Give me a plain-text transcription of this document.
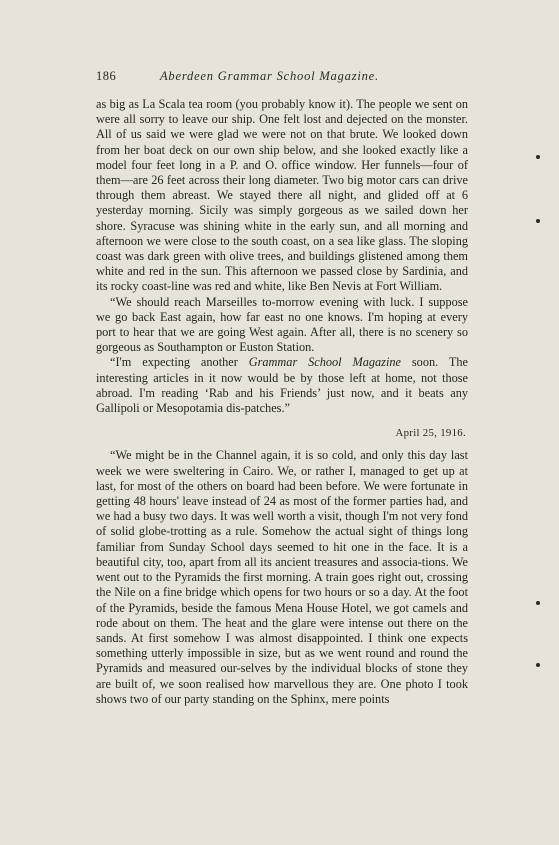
186	Aberdeen Grammar School Magazine.

as big as La Scala tea room (you probably know it). The people we sent on were all sorry to leave our ship. One felt lost and dejected on the monster. All of us said we were glad we were not on that brute. We looked down from her boat deck on our own ship below, and she looked exactly like a model four feet long in a P. and O. office window. Her funnels—four of them—are 26 feet across their long diameter. Two big motor cars can drive through them abreast. We stayed there all night, and glided off at 6 yesterday morning. Sicily was simply gorgeous as we sailed down her shore. Syracuse was shining white in the early sun, and all morning and afternoon we were close to the south coast, on a sea like glass. The sloping coast was dark green with olive trees, and buildings glistened among them white and red in the sun. This afternoon we passed close by Sardinia, and its rocky coast-line was red and white, like Ben Nevis at Fort William.

“We should reach Marseilles to-morrow evening with luck. I suppose we go back East again, how far east no one knows. I'm hoping at every port to hear that we are going West again. After all, there is no scenery so gorgeous as Southampton or Euston Station.

“I'm expecting another Grammar School Magazine soon. The interesting articles in it now would be by those left at home, not those abroad. I'm reading ‘Rab and his Friends’ just now, and it beats any Gallipoli or Mesopotamia dis-patches.”

April 25, 1916.

“We might be in the Channel again, it is so cold, and only this day last week we were sweltering in Cairo. We, or rather I, managed to get up at last, for most of the others on board had been before. We were fortunate in getting 48 hours' leave instead of 24 as most of the former parties had, and we had a busy two days. It was well worth a visit, though I'm not very fond of solid globe-trotting as a rule. Somehow the actual sight of things long familiar from Sunday School days seemed to hit one in the face. It is a beautiful city, too, apart from all its ancient treasures and associa-tions. We went out to the Pyramids the first morning. A train goes right out, crossing the Nile on a fine bridge which opens for two hours or so a day. At the foot of the Pyramids, beside the famous Mena House Hotel, we got camels and rode about on them. The heat and the glare were intense out there on the sands. At first somehow I was almost disappointed. I think one expects something utterly impossible in size, but as we went round and round the Pyramids and measured our-selves by the individual blocks of stone they are built of, we soon realised how marvellous they are. One photo I took shows two of our party standing on the Sphinx, mere points
